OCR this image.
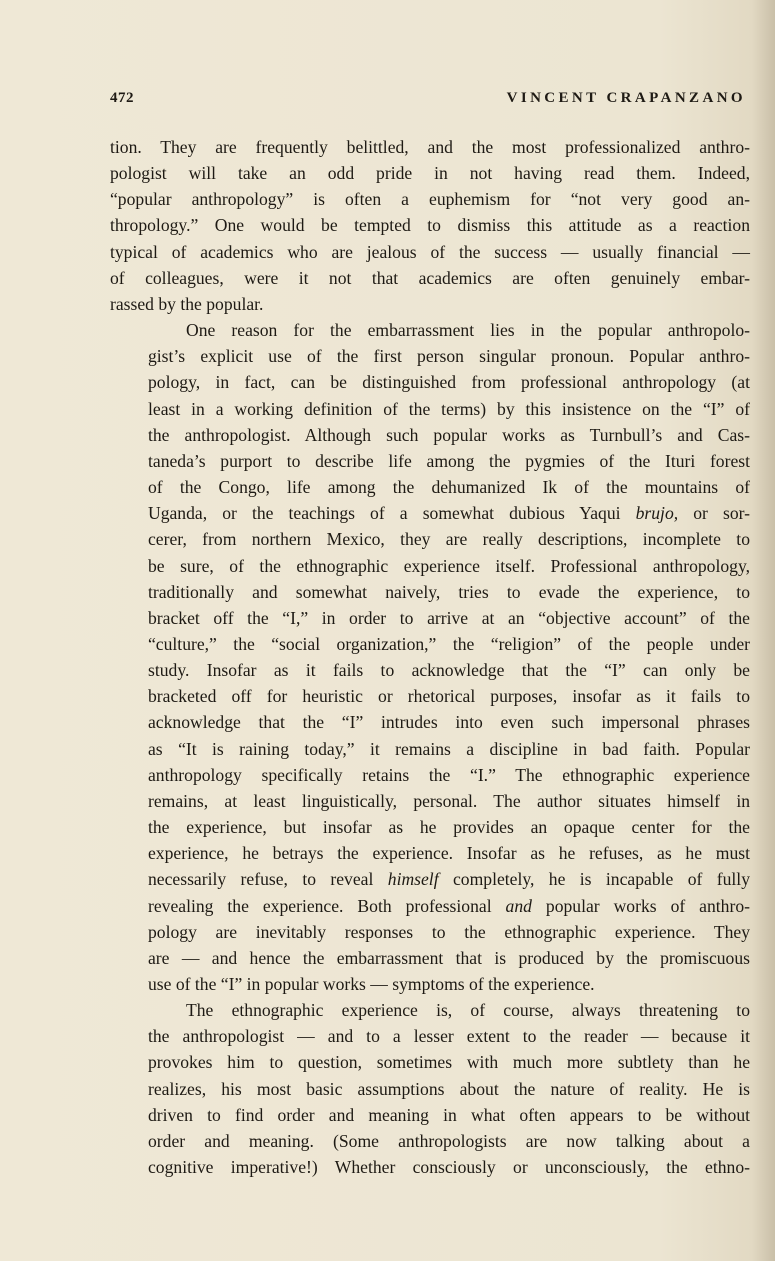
472	VINCENT CRAPANZANO
tion. They are frequently belittled, and the most professionalized anthro-
pologist will take an odd pride in not having read them. Indeed,
“popular anthropology” is often a euphemism for “not very good an-
thropology.” One would be tempted to dismiss this attitude as a reaction
typical of academics who are jealous of the success — usually financial —
of colleagues, were it not that academics are often genuinely embar-
rassed by the popular.
One reason for the embarrassment lies in the popular anthropolo-
gist’s explicit use of the first person singular pronoun. Popular anthro-
pology, in fact, can be distinguished from professional anthropology (at
least in a working definition of the terms) by this insistence on the “I” of
the anthropologist. Although such popular works as Turnbull’s and Cas-
taneda’s purport to describe life among the pygmies of the Ituri forest
of the Congo, life among the dehumanized Ik of the mountains of
Uganda, or the teachings of a somewhat dubious Yaqui brujo, or sor-
cerer, from northern Mexico, they are really descriptions, incomplete to
be sure, of the ethnographic experience itself. Professional anthropology,
traditionally and somewhat naively, tries to evade the experience, to
bracket off the “I,” in order to arrive at an “objective account” of the
“culture,” the “social organization,” the “religion” of the people under
study. Insofar as it fails to acknowledge that the “I” can only be
bracketed off for heuristic or rhetorical purposes, insofar as it fails to
acknowledge that the “I” intrudes into even such impersonal phrases
as “It is raining today,” it remains a discipline in bad faith. Popular
anthropology specifically retains the “I.” The ethnographic experience
remains, at least linguistically, personal. The author situates himself in
the experience, but insofar as he provides an opaque center for the
experience, he betrays the experience. Insofar as he refuses, as he must
necessarily refuse, to reveal himself completely, he is incapable of fully
revealing the experience. Both professional and popular works of anthro-
pology are inevitably responses to the ethnographic experience. They
are — and hence the embarrassment that is produced by the promiscuous
use of the “I” in popular works — symptoms of the experience.
The ethnographic experience is, of course, always threatening to
the anthropologist — and to a lesser extent to the reader — because it
provokes him to question, sometimes with much more subtlety than he
realizes, his most basic assumptions about the nature of reality. He is
driven to find order and meaning in what often appears to be without
order and meaning. (Some anthropologists are now talking about a
cognitive imperative!) Whether consciously or unconsciously, the ethno-
